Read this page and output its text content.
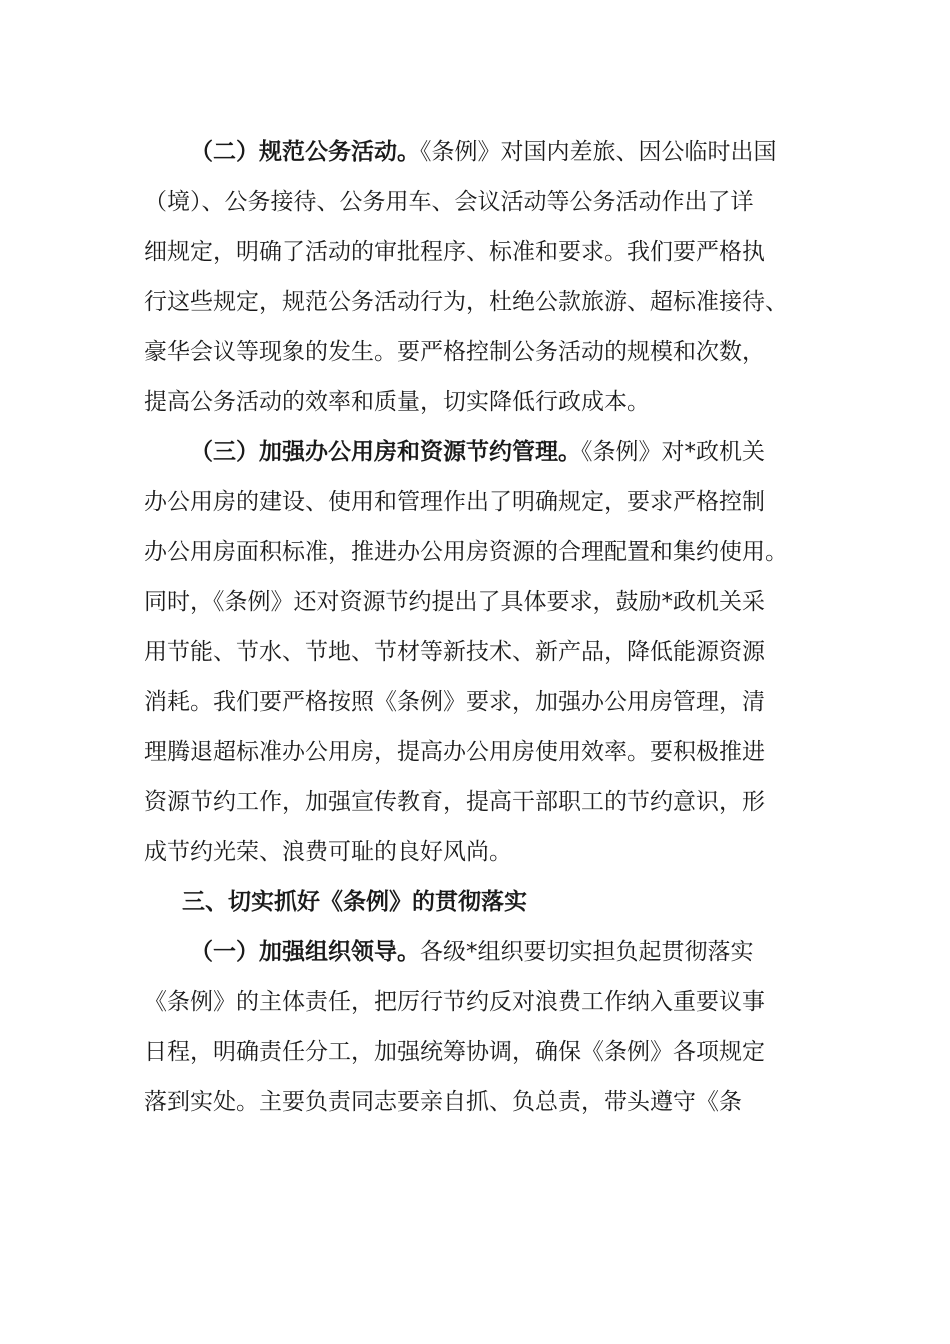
（二）规范公务活动。《条例》对国内差旅、因公临时出国
（境）、公务接待、公务用车、会议活动等公务活动作出了详
细规定，明确了活动的审批程序、标准和要求。我们要严格执
行这些规定，规范公务活动行为，杜绝公款旅游、超标准接待、
豪华会议等现象的发生。要严格控制公务活动的规模和次数，
提高公务活动的效率和质量，切实降低行政成本。
（三）加强办公用房和资源节约管理。《条例》对*政机关
办公用房的建设、使用和管理作出了明确规定，要求严格控制
办公用房面积标准，推进办公用房资源的合理配置和集约使用。
同时，《条例》还对资源节约提出了具体要求，鼓励*政机关采
用节能、节水、节地、节材等新技术、新产品，降低能源资源
消耗。我们要严格按照《条例》要求，加强办公用房管理，清
理腾退超标准办公用房，提高办公用房使用效率。要积极推进
资源节约工作，加强宣传教育，提高干部职工的节约意识，形
成节约光荣、浪费可耻的良好风尚。
三、切实抓好《条例》的贯彻落实
（一）加强组织领导。各级*组织要切实担负起贯彻落实
《条例》的主体责任，把厉行节约反对浪费工作纳入重要议事
日程，明确责任分工，加强统筹协调，确保《条例》各项规定
落到实处。主要负责同志要亲自抓、负总责，带头遵守《条
